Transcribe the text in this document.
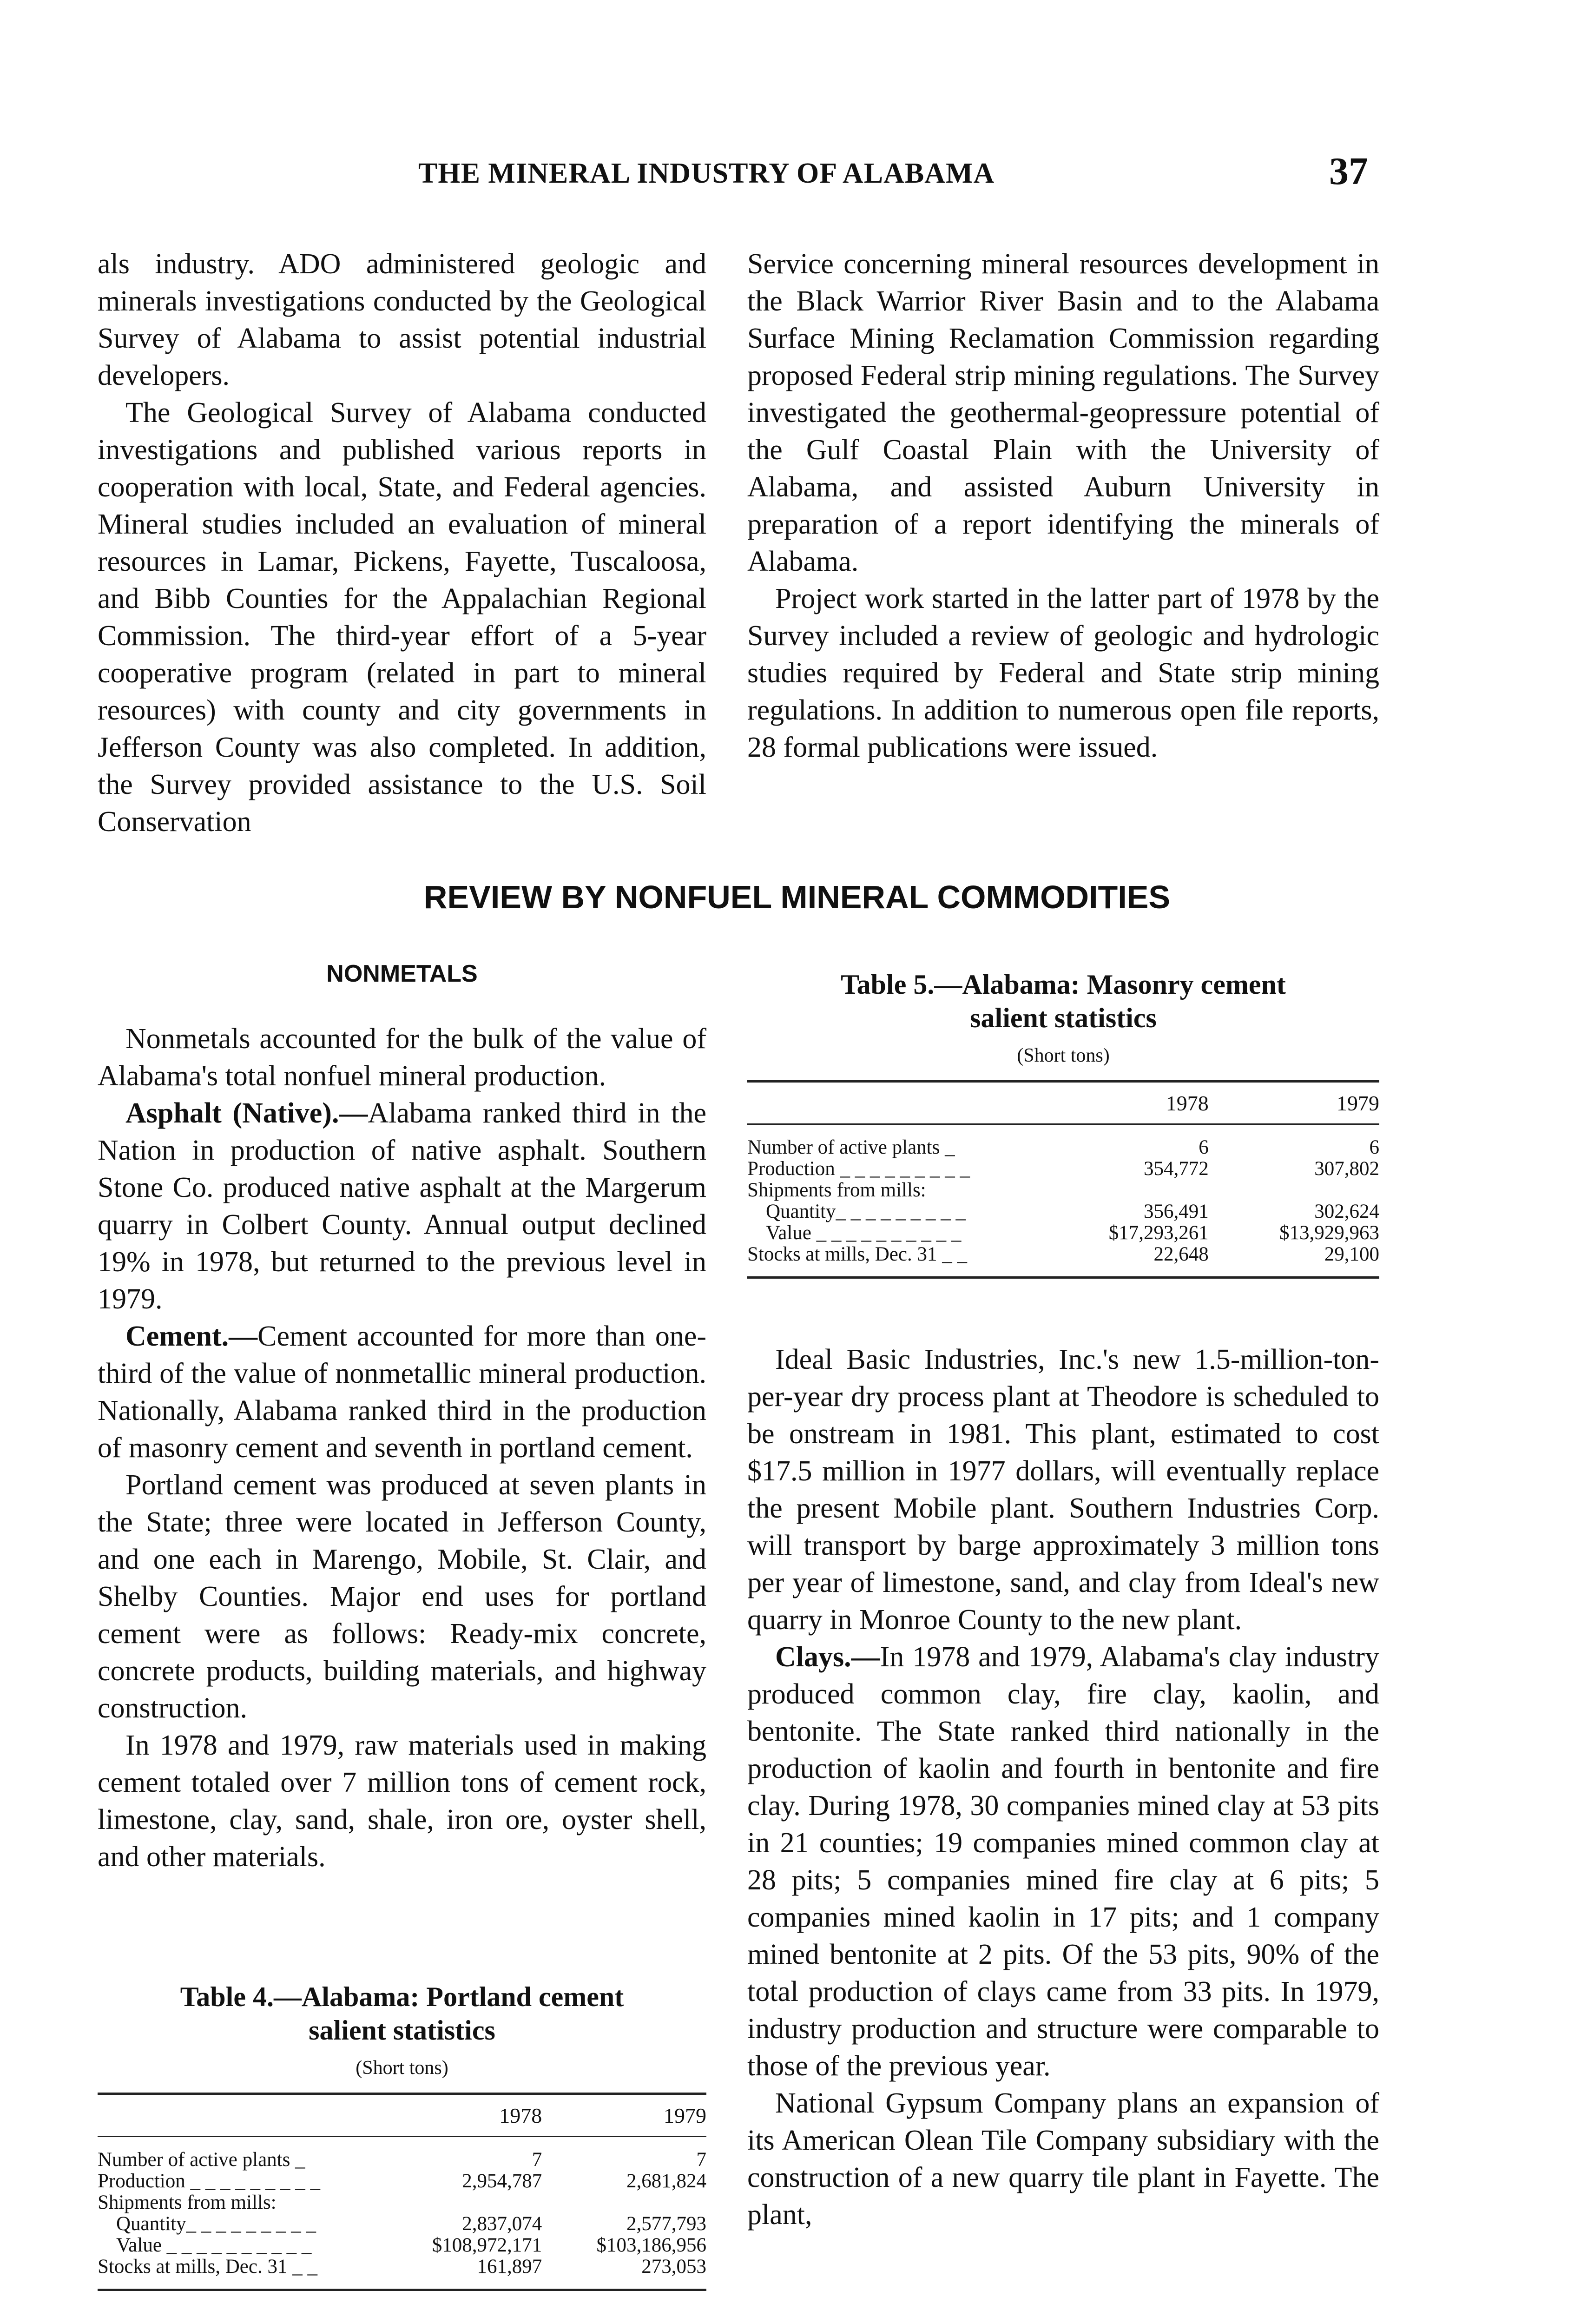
THE MINERAL INDUSTRY OF ALABAMA	37

als industry. ADO administered geologic and minerals investigations conducted by the Geological Survey of Alabama to assist potential industrial developers.

The Geological Survey of Alabama conducted investigations and published various reports in cooperation with local, State, and Federal agencies. Mineral studies included an evaluation of mineral resources in Lamar, Pickens, Fayette, Tuscaloosa, and Bibb Counties for the Appalachian Regional Commission. The third-year effort of a 5-year cooperative program (related in part to mineral resources) with county and city governments in Jefferson County was also completed. In addition, the Survey provided assistance to the U.S. Soil Conservation

Service concerning mineral resources development in the Black Warrior River Basin and to the Alabama Surface Mining Reclamation Commission regarding proposed Federal strip mining regulations. The Survey investigated the geothermal-geopressure potential of the Gulf Coastal Plain with the University of Alabama, and assisted Auburn University in preparation of a report identifying the minerals of Alabama.

Project work started in the latter part of 1978 by the Survey included a review of geologic and hydrologic studies required by Federal and State strip mining regulations. In addition to numerous open file reports, 28 formal publications were issued.

REVIEW BY NONFUEL MINERAL COMMODITIES
NONMETALS

Nonmetals accounted for the bulk of the value of Alabama's total nonfuel mineral production.

Asphalt (Native).—Alabama ranked third in the Nation in production of native asphalt. Southern Stone Co. produced native asphalt at the Margerum quarry in Colbert County. Annual output declined 19% in 1978, but returned to the previous level in 1979.

Cement.—Cement accounted for more than one-third of the value of nonmetallic mineral production. Nationally, Alabama ranked third in the production of masonry cement and seventh in portland cement.

Portland cement was produced at seven plants in the State; three were located in Jefferson County, and one each in Marengo, Mobile, St. Clair, and Shelby Counties. Major end uses for portland cement were as follows: Ready-mix concrete, concrete products, building materials, and highway construction.

In 1978 and 1979, raw materials used in making cement totaled over 7 million tons of cement rock, limestone, clay, sand, shale, iron ore, oyster shell, and other materials.

Ideal Basic Industries, Inc.'s new 1.5-million-ton-per-year dry process plant at Theodore is scheduled to be onstream in 1981. This plant, estimated to cost $17.5 million in 1977 dollars, will eventually replace the present Mobile plant. Southern Industries Corp. will transport by barge approximately 3 million tons per year of limestone, sand, and clay from Ideal's new quarry in Monroe County to the new plant.

Clays.—In 1978 and 1979, Alabama's clay industry produced common clay, fire clay, kaolin, and bentonite. The State ranked third nationally in the production of kaolin and fourth in bentonite and fire clay. During 1978, 30 companies mined clay at 53 pits in 21 counties; 19 companies mined common clay at 28 pits; 5 companies mined fire clay at 6 pits; 5 companies mined kaolin in 17 pits; and 1 company mined bentonite at 2 pits. Of the 53 pits, 90% of the total production of clays came from 33 pits. In 1979, industry production and structure were comparable to those of the previous year.

National Gypsum Company plans an expansion of its American Olean Tile Company subsidiary with the construction of a new quarry tile plant in Fayette. The plant,

Table 5.—Alabama: Masonry cement
salient statistics
(Short tons)
	1978	1979
Number of active plants _	6	6
Production _ _ _ _ _ _ _ _ _	354,772	307,802
Shipments from mills:		
Quantity_ _ _ _ _ _ _ _ _	356,491	302,624
Value _ _ _ _ _ _ _ _ _ _	$17,293,261	$13,929,963
Stocks at mills, Dec. 31 _ _	22,648	29,100
Table 4.—Alabama: Portland cement
salient statistics
(Short tons)
	1978	1979
Number of active plants _	7	7
Production _ _ _ _ _ _ _ _ _	2,954,787	2,681,824
Shipments from mills:		
Quantity_ _ _ _ _ _ _ _ _	2,837,074	2,577,793
Value _ _ _ _ _ _ _ _ _ _	$108,972,171	$103,186,956
Stocks at mills, Dec. 31 _ _	161,897	273,053
